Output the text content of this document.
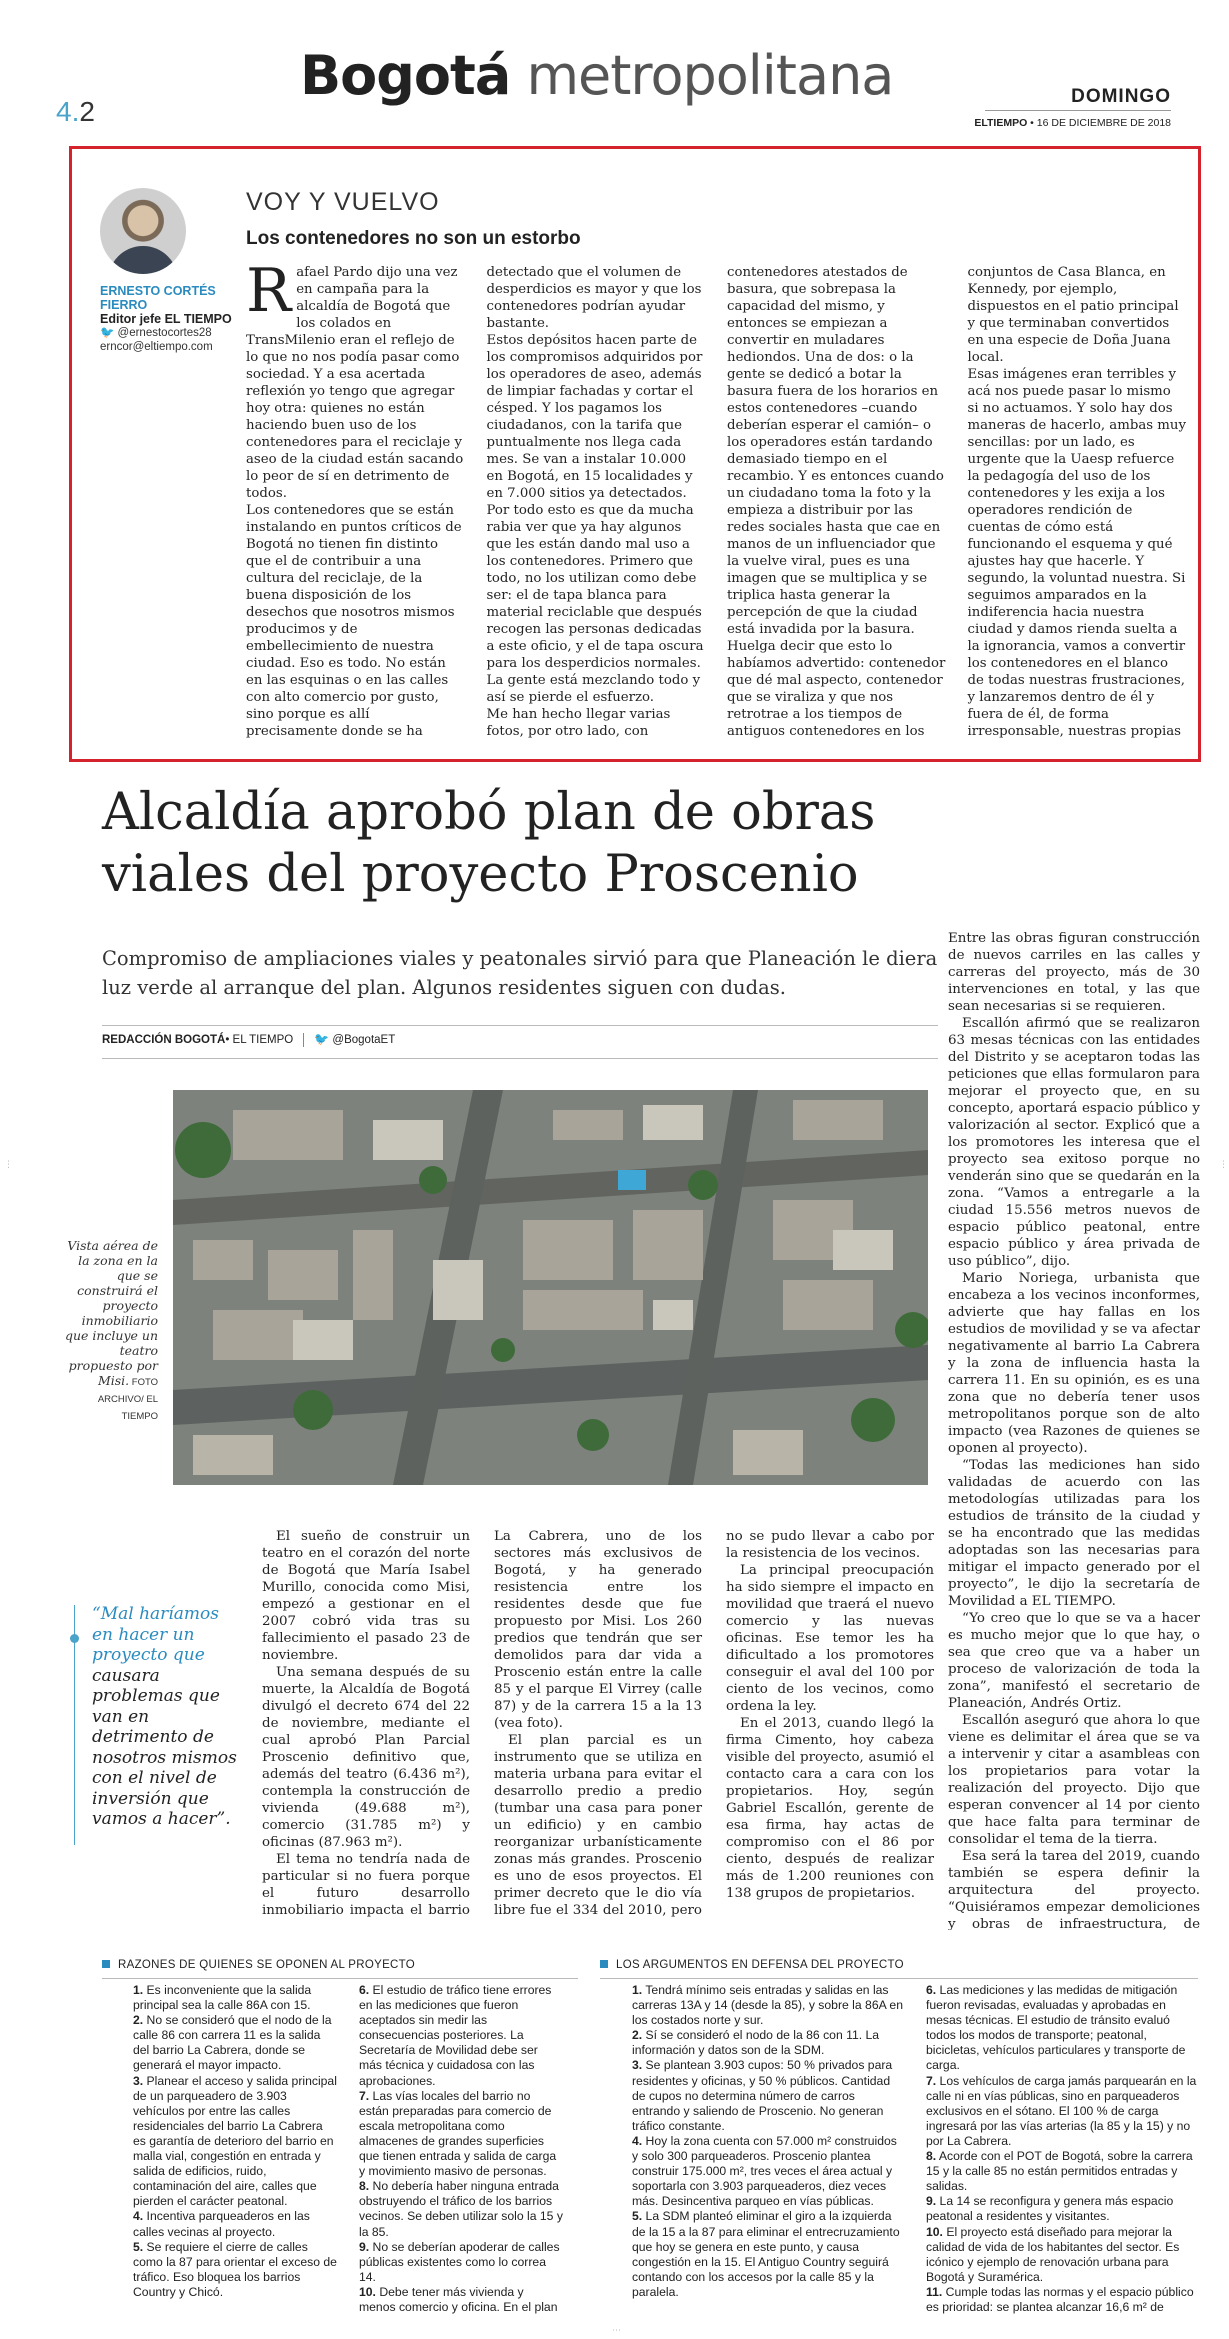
4.2
Bogotá metropolitana	DOMINGO
ELTIEMPO • 16 DE DICIEMBRE DE 2018
ERNESTO CORTÉS FIERRO
Editor jefe EL TIEMPO
🐦 @ernestocortes28
erncor@eltiempo.com
VOY Y VUELVO
Los contenedores no son un estorbo

Rafael Pardo dijo una vez en campaña para la alcaldía de Bogotá que los colados en TransMilenio eran el reflejo de lo que no nos podía pasar como sociedad. Y a esa acertada reflexión yo tengo que agregar hoy otra: quienes no están haciendo buen uso de los contenedores para el reciclaje y aseo de la ciudad están sacando lo peor de sí en detrimento de todos.

Los contenedores que se están instalando en puntos críticos de Bogotá no tienen fin distinto que el de contribuir a una cultura del reciclaje, de la buena disposición de los desechos que nosotros mismos producimos y de embellecimiento de nuestra ciudad. Eso es todo. No están en las esquinas o en las calles con alto comercio por gusto, sino porque es allí precisamente donde se ha detectado que el volumen de desperdicios es mayor y que los contenedores podrían ayudar bastante.

Estos depósitos hacen parte de los compromisos adquiridos por los operadores de aseo, además de limpiar fachadas y cortar el césped. Y los pagamos los ciudadanos, con la tarifa que puntualmente nos llega cada mes. Se van a instalar 10.000 en Bogotá, en 15 localidades y en 7.000 sitios ya detectados.

Por todo esto es que da mucha rabia ver que ya hay algunos que les están dando mal uso a los contenedores. Primero que todo, no los utilizan como debe ser: el de tapa blanca para material reciclable que después recogen las personas dedicadas a este oficio, y el de tapa oscura para los desperdicios normales. La gente está mezclando todo y así se pierde el esfuerzo.

Me han hecho llegar varias fotos, por otro lado, con contenedores atestados de basura, que sobrepasa la capacidad del mismo, y entonces se empiezan a convertir en muladares hediondos. Una de dos: o la gente se dedicó a botar la basura fuera de los horarios en estos contenedores –cuando deberían esperar el camión– o los operadores están tardando demasiado tiempo en el recambio. Y es entonces cuando un ciudadano toma la foto y la empieza a distribuir por las redes sociales hasta que cae en manos de un influenciador que la vuelve viral, pues es una imagen que se multiplica y se triplica hasta generar la percepción de que la ciudad está invadida por la basura.

Huelga decir que esto lo habíamos advertido: contenedor que dé mal aspecto, contenedor que se viraliza y que nos retrotrae a los tiempos de antiguos contenedores en los conjuntos de Casa Blanca, en Kennedy, por ejemplo, dispuestos en el patio principal y que terminaban convertidos en una especie de Doña Juana local.

Esas imágenes eran terribles y acá nos puede pasar lo mismo si no actuamos. Y solo hay dos maneras de hacerlo, ambas muy sencillas: por un lado, es urgente que la Uaesp refuerce la pedagogía del uso de los contenedores y les exija a los operadores rendición de cuentas de cómo está funcionando el esquema y qué ajustes hay que hacerle. Y segundo, la voluntad nuestra. Si seguimos amparados en la indiferencia hacia nuestra ciudad y damos rienda suelta a la ignorancia, vamos a convertir los contenedores en el blanco de todas nuestras frustraciones, y lanzaremos dentro de él y fuera de él, de forma irresponsable, nuestras propias

Alcaldía aprobó plan de obras viales del proyecto Proscenio
Compromiso de ampliaciones viales y peatonales sirvió para que Planeación le diera luz verde al arranque del plan. Algunos residentes siguen con dudas.
REDACCIÓN BOGOTÁ• EL TIEMPO 🐦 @BogotaET
Vista aérea de la zona en la que se construirá el proyecto inmobiliario que incluye un teatro propuesto por Misi. FOTO ARCHIVO/ EL TIEMPO

Entre las obras figuran construcción de nuevos carriles en las calles y carreras del proyecto, más de 30 intervenciones en total, y las que sean necesarias si se requieren.

Escallón afirmó que se realizaron 63 mesas técnicas con las entidades del Distrito y se aceptaron todas las peticiones que ellas formularon para mejorar el proyecto que, en su concepto, aportará espacio público y valorización al sector. Explicó que a los promotores les interesa que el proyecto sea exitoso porque no venderán sino que se quedarán en la zona. “Vamos a entregarle a la ciudad 15.556 metros nuevos de espacio público peatonal, entre espacio público y área privada de uso público”, dijo.

Mario Noriega, urbanista que encabeza a los vecinos inconformes, advierte que hay fallas en los estudios de movilidad y se va afectar negativamente al barrio La Cabrera y la zona de influencia hasta la carrera 11. En su opinión, es es una zona que no debería tener usos metropolitanos porque son de alto impacto (vea Razones de quienes se oponen al proyecto).

“Todas las mediciones han sido validadas de acuerdo con las metodologías utilizadas para los estudios de tránsito de la ciudad y se ha encontrado que las medidas adoptadas son las necesarias para mitigar el impacto generado por el proyecto”, le dijo la secretaría de Movilidad a EL TIEMPO.

“Yo creo que lo que se va a hacer es mucho mejor que lo que hay, o sea que creo que va a haber un proceso de valorización de toda la zona”, manifestó el secretario de Planeación, Andrés Ortiz.

Escallón aseguró que ahora lo que viene es delimitar el área que se va a intervenir y citar a asambleas con los propietarios para votar la realización del proyecto. Dijo que esperan convencer al 14 por ciento que hace falta para terminar de consolidar el tema de la tierra.

Esa será la tarea del 2019, cuando también se espera definir la arquitectura del proyecto. “Quisiéramos empezar demoliciones y obras de infraestructura, de

“Mal haríamos en hacer un proyecto que causara problemas que van en detrimento de nosotros mismos con el nivel de inversión que vamos a hacer”.

El sueño de construir un teatro en el corazón del norte de Bogotá que María Isabel Murillo, conocida como Misi, empezó a gestionar en el 2007 cobró vida tras su fallecimiento el pasado 23 de noviembre.

Una semana después de su muerte, la Alcaldía de Bogotá divulgó el decreto 674 del 22 de noviembre, mediante el cual aprobó Plan Parcial Proscenio definitivo que, además del teatro (6.436 m²), contempla la construcción de vivienda (49.688 m²), comercio (31.785 m²) y oficinas (87.963 m²).

El tema no tendría nada de particular si no fuera porque el futuro desarrollo inmobiliario impacta el barrio La Cabrera, uno de los sectores más exclusivos de Bogotá, y ha generado resistencia entre los residentes desde que fue propuesto por Misi. Los 260 predios que tendrán que ser demolidos para dar vida a Proscenio están entre la calle 85 y el parque El Virrey (calle 87) y de la carrera 15 a la 13 (vea foto).

El plan parcial es un instrumento que se utiliza en materia urbana para evitar el desarrollo predio a predio (tumbar una casa para poner un edificio) y en cambio reorganizar urbanísticamente zonas más grandes. Proscenio es uno de esos proyectos. El primer decreto que le dio vía libre fue el 334 del 2010, pero no se pudo llevar a cabo por la resistencia de los vecinos.

La principal preocupación ha sido siempre el impacto en movilidad que traerá el nuevo comercio y las nuevas oficinas. Ese temor les ha dificultado a los promotores conseguir el aval del 100 por ciento de los vecinos, como ordena la ley.

En el 2013, cuando llegó la firma Cimento, hoy cabeza visible del proyecto, asumió el contacto cara a cara con los propietarios. Hoy, según Gabriel Escallón, gerente de esa firma, hay actas de compromiso con el 86 por ciento, después de realizar más de 1.200 reuniones con 138 grupos de propietarios.

RAZONES DE QUIENES SE OPONEN AL PROYECTO

1. Es inconveniente que la salida principal sea la calle 86A con 15.

2. No se consideró que el nodo de la calle 86 con carrera 11 es la salida del barrio La Cabrera, donde se generará el mayor impacto.

3. Planear el acceso y salida principal de un parqueadero de 3.903 vehículos por entre las calles residenciales del barrio La Cabrera es garantía de deterioro del barrio en malla vial, congestión en entrada y salida de edificios, ruido, contaminación del aire, calles que pierden el carácter peatonal.

4. Incentiva parqueaderos en las calles vecinas al proyecto.

5. Se requiere el cierre de calles como la 87 para orientar el exceso de tráfico. Eso bloquea los barrios Country y Chicó.

6. El estudio de tráfico tiene errores en las mediciones que fueron aceptados sin medir las consecuencias posteriores. La Secretaría de Movilidad debe ser más técnica y cuidadosa con las aprobaciones.

7. Las vías locales del barrio no están preparadas para comercio de escala metropolitana como almacenes de grandes superficies que tienen entrada y salida de carga y movimiento masivo de personas.

8. No debería haber ninguna entrada obstruyendo el tráfico de los barrios vecinos. Se deben utilizar solo la 15 y la 85.

9. No se deberían apoderar de calles públicas existentes como lo correa 14.

10. Debe tener más vivienda y menos comercio y oficina. En el plan

LOS ARGUMENTOS EN DEFENSA DEL PROYECTO

1. Tendrá mínimo seis entradas y salidas en las carreras 13A y 14 (desde la 85), y sobre la 86A en los costados norte y sur.

2. Sí se consideró el nodo de la 86 con 11. La información y datos son de la SDM.

3. Se plantean 3.903 cupos: 50 % privados para residentes y oficinas, y 50 % públicos. Cantidad de cupos no determina número de carros entrando y saliendo de Proscenio. No generan tráfico constante.

4. Hoy la zona cuenta con 57.000 m² construidos y solo 300 parqueaderos. Proscenio plantea construir 175.000 m², tres veces el área actual y soportarla con 3.903 parqueaderos, diez veces más. Desincentiva parqueo en vías públicas.

5. La SDM planteó eliminar el giro a la izquierda de la 15 a la 87 para eliminar el entrecruzamiento que hoy se genera en este punto, y causa congestión en la 15. El Antiguo Country seguirá contando con los accesos por la calle 85 y la paralela.

6. Las mediciones y las medidas de mitigación fueron revisadas, evaluadas y aprobadas en mesas técnicas. El estudio de tránsito evaluó todos los modos de transporte; peatonal, bicicletas, vehículos particulares y transporte de carga.

7. Los vehículos de carga jamás parquearán en la calle ni en vías públicas, sino en parqueaderos exclusivos en el sótano. El 100 % de carga ingresará por las vías arterias (la 85 y la 15) y no por La Cabrera.

8. Acorde con el POT de Bogotá, sobre la carrera 15 y la calle 85 no están permitidos entradas y salidas.

9. La 14 se reconfigura y genera más espacio peatonal a residentes y visitantes.

10. El proyecto está diseñado para mejorar la calidad de vida de los habitantes del sector. Es icónico y ejemplo de renovación urbana para Bogotá y Suramérica.

11. Cumple todas las normas y el espacio público es prioridad: se plantea alcanzar 16,6 m² de

⋮	⋮
⋯
